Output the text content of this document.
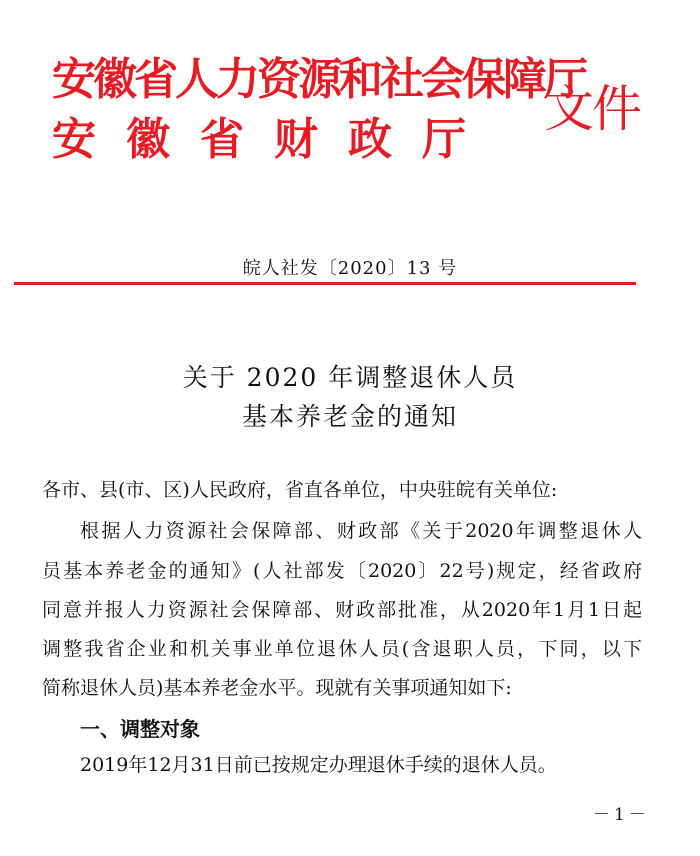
安徽省人力资源和社会保障厅
安徽省财政厅
文件
皖人社发〔2020〕13 号
关于 2020 年调整退休人员
基本养老金的通知
各市、县(市、区)人民政府，省直各单位，中央驻皖有关单位:
根据人力资源社会保障部、财政部《关于2020年调整退休人
员基本养老金的通知》(人社部发〔2020〕22号)规定，经省政府
同意并报人力资源社会保障部、财政部批准，从2020年1月1日起
调整我省企业和机关事业单位退休人员(含退职人员，下同，以下
简称退休人员)基本养老金水平。现就有关事项通知如下:
一、调整对象
2019年12月31日前已按规定办理退休手续的退休人员。
－1－
